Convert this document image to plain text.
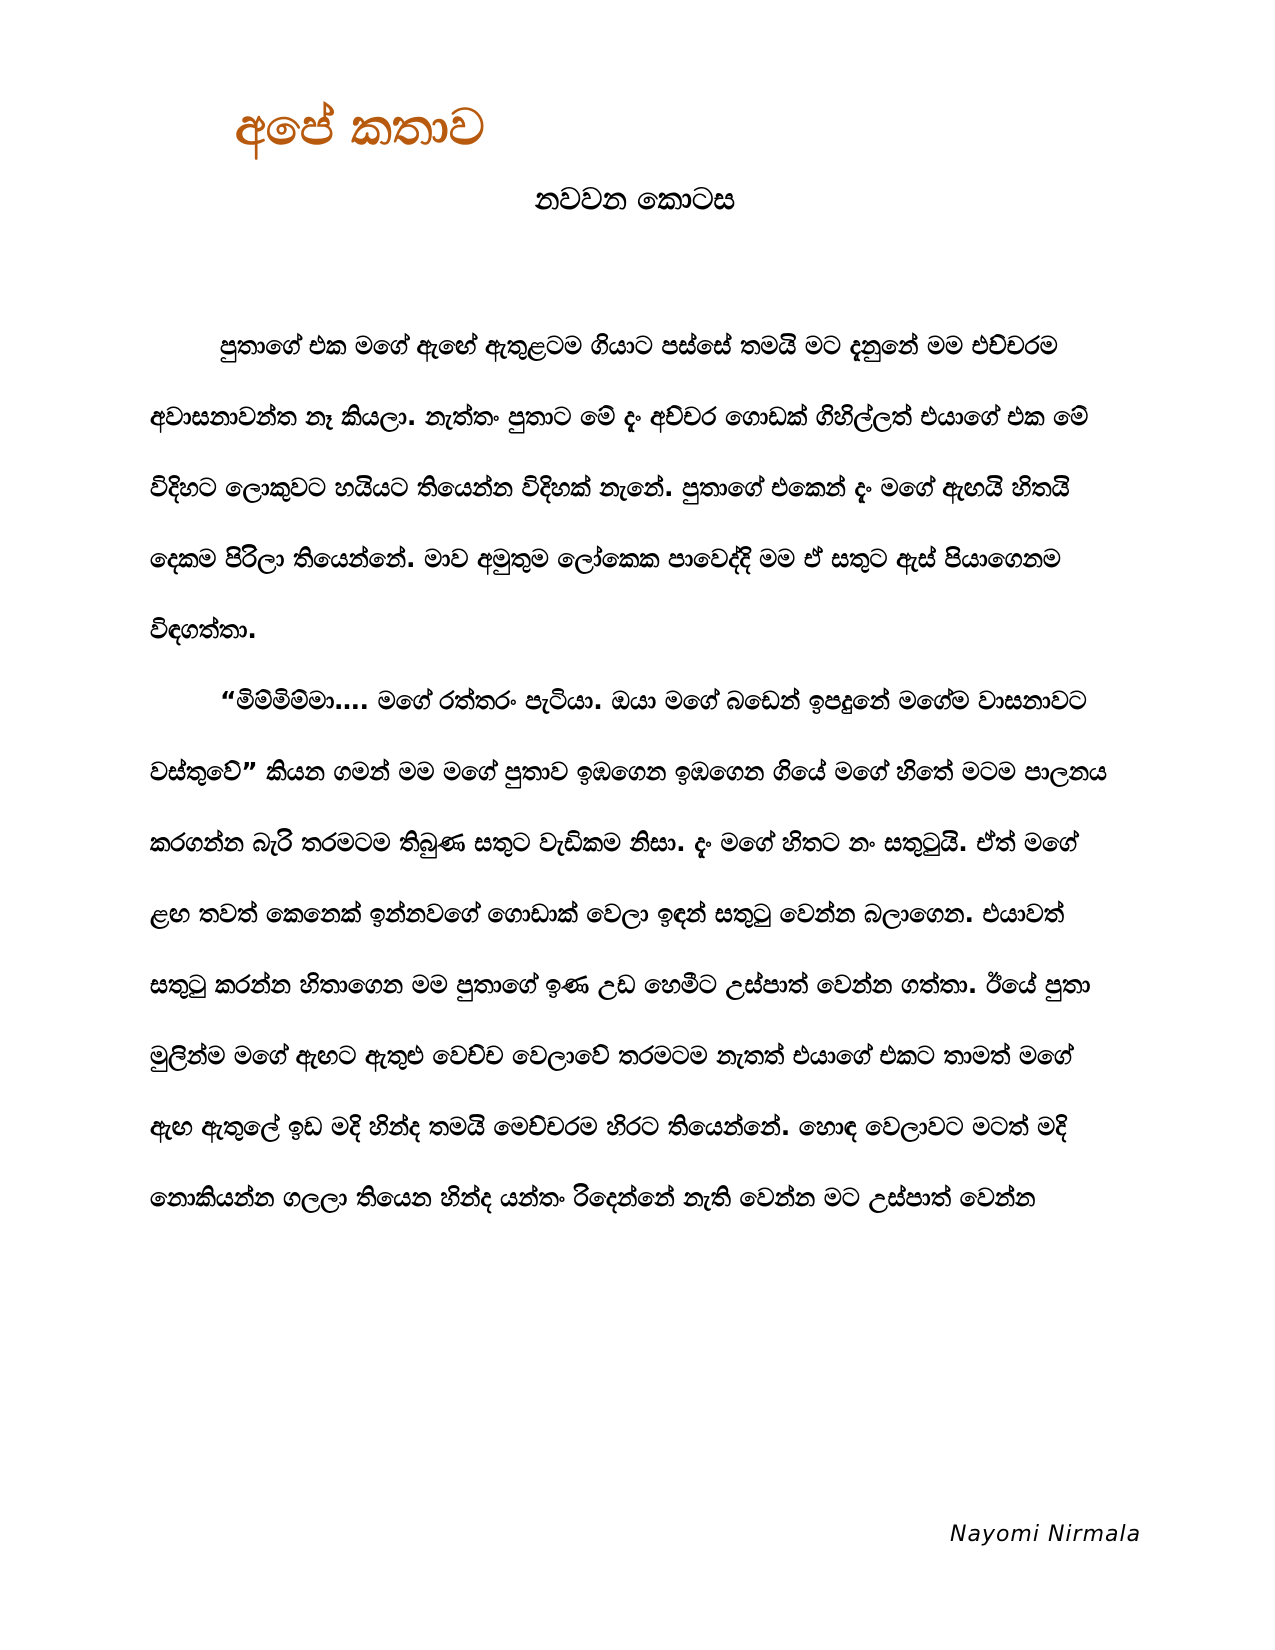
අපේ කතාව
නවවන කොටස

පුතාගේ එක මගේ ඇඟේ ඇතුළටම ගියාට පස්සේ තමයි මට දැනුනේ මම එච්චරම අවාසනාවන්ත නෑ කියලා. නැත්තං පුතාට මේ දැං අච්චර ගොඩක් ගිහිල්ලත් එයාගේ එක මේ විදිහට ලොකුවට හයියට තියෙන්න විදිහක් නැනේ. පුතාගේ එකෙන් දැං මගේ ඇඟයි හිතයි දෙකම පිරිලා තියෙන්නේ. මාව අමුතුම ලෝකෙක පාවෙද්දි මම ඒ සතුට ඇස් පියාගෙනම විඳගත්තා.

“මිම්මිම්මා…. මගේ රත්තරං පැටියා. ඔයා මගේ බඩෙන් ඉපදුනේ මගේම වාසනාවට වස්තුවේ” කියන ගමන් මම මගේ පුතාව ඉඹගෙන ඉඹගෙන ගියේ මගේ හිතේ මටම පාලනය කරගන්න බැරි තරමටම තිබුණ සතුට වැඩිකම නිසා. දැං මගේ හිතට නං සතුටුයි. ඒත් මගේ ළඟ තවත් කෙනෙක් ඉන්නවගේ ගොඩාක් වෙලා ඉඳන් සතුටු වෙන්න බලාගෙන. එයාවත් සතුටු කරන්න හිතාගෙන මම පුතාගේ ඉණ උඩ හෙමීට උස්පාත් වෙන්න ගත්තා. ඊයේ පුතා මුලින්ම මගේ ඇඟට ඇතුළු වෙච්ච වෙලාවේ තරමටම නැතත් එයාගේ එකට තාමත් මගේ ඇඟ ඇතුලේ ඉඩ මදි හින්ද තමයි මෙච්චරම හිරට තියෙන්නේ. හොඳ වෙලාවට මටත් මදි නොකියන්න ගලලා තියෙන හින්ද යන්තං රිදෙන්නේ නැති වෙන්න මට උස්පාත් වෙන්න

Nayomi Nirmala
